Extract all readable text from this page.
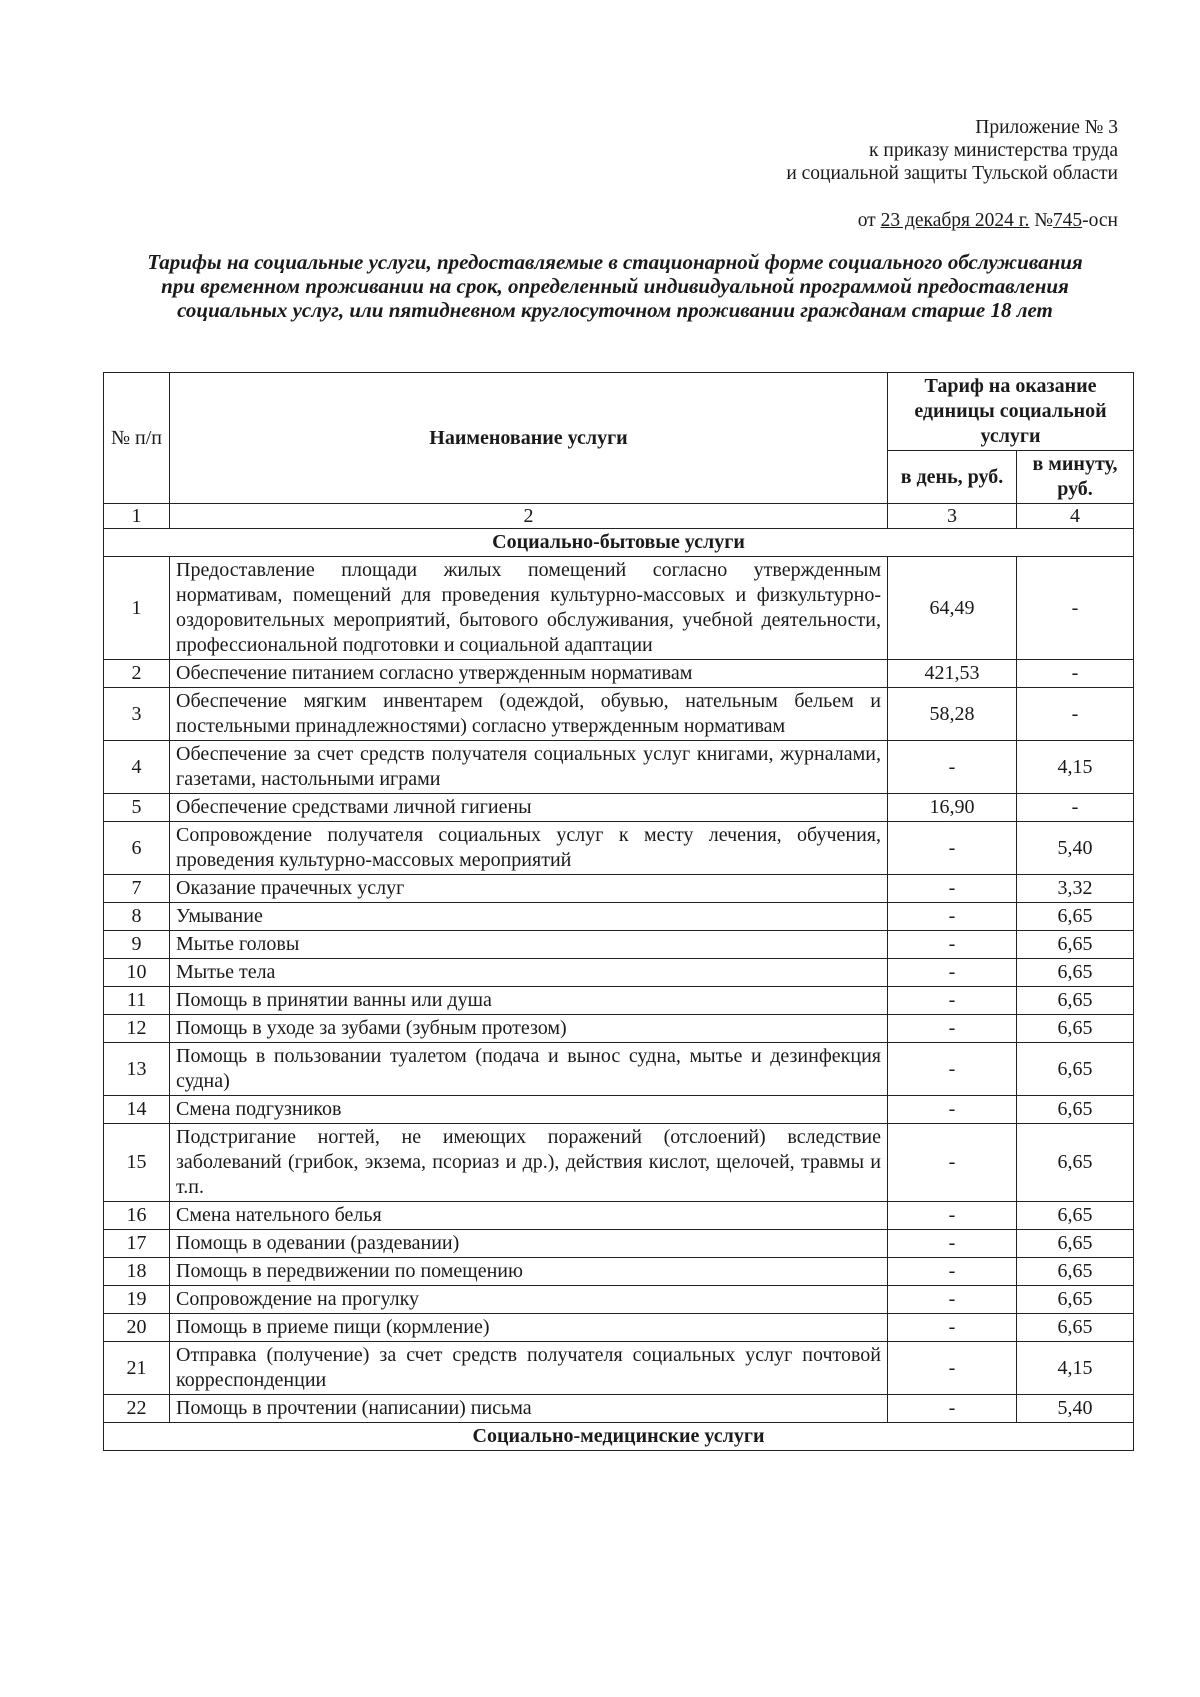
Приложение № 3
к приказу министерства труда
и социальной защиты Тульской области
от 23 декабря 2024 г. №745-осн
Тарифы на социальные услуги, предоставляемые в стационарной форме социального обслуживания при временном проживании на срок, определенный индивидуальной программой предоставления социальных услуг, или пятидневном круглосуточном проживании гражданам старше 18 лет
№ п/п	Наименование услуги	Тариф на оказание единицы социальной услуги	
		в день, руб.	в минуту, руб.
1	2	3	4
Социально-бытовые услуги			
1	Предоставление площади жилых помещений согласно утвержденным нормативам, помещений для проведения культурно-массовых и физкультурно-оздоровительных мероприятий, бытового обслуживания, учебной деятельности, профессиональной подготовки и социальной адаптации	64,49	-
2	Обеспечение питанием согласно утвержденным нормативам	421,53	-
3	Обеспечение мягким инвентарем (одеждой, обувью, нательным бельем и постельными принадлежностями) согласно утвержденным нормативам	58,28	-
4	Обеспечение за счет средств получателя социальных услуг книгами, журналами, газетами, настольными играми	-	4,15
5	Обеспечение средствами личной гигиены	16,90	-
6	Сопровождение получателя социальных услуг к месту лечения, обучения, проведения культурно-массовых мероприятий	-	5,40
7	Оказание прачечных услуг	-	3,32
8	Умывание	-	6,65
9	Мытье головы	-	6,65
10	Мытье тела	-	6,65
11	Помощь в принятии ванны или душа	-	6,65
12	Помощь в уходе за зубами (зубным протезом)	-	6,65
13	Помощь в пользовании туалетом (подача и вынос судна, мытье и дезинфекция судна)	-	6,65
14	Смена подгузников	-	6,65
15	Подстригание ногтей, не имеющих поражений (отслоений) вследствие заболеваний (грибок, экзема, псориаз и др.), действия кислот, щелочей, травмы и т.п.	-	6,65
16	Смена нательного белья	-	6,65
17	Помощь в одевании (раздевании)	-	6,65
18	Помощь в передвижении по помещению	-	6,65
19	Сопровождение на прогулку	-	6,65
20	Помощь в приеме пищи (кормление)	-	6,65
21	Отправка (получение) за счет средств получателя социальных услуг почтовой корреспонденции	-	4,15
22	Помощь в прочтении (написании) письма	-	5,40
Социально-медицинские услуги			
